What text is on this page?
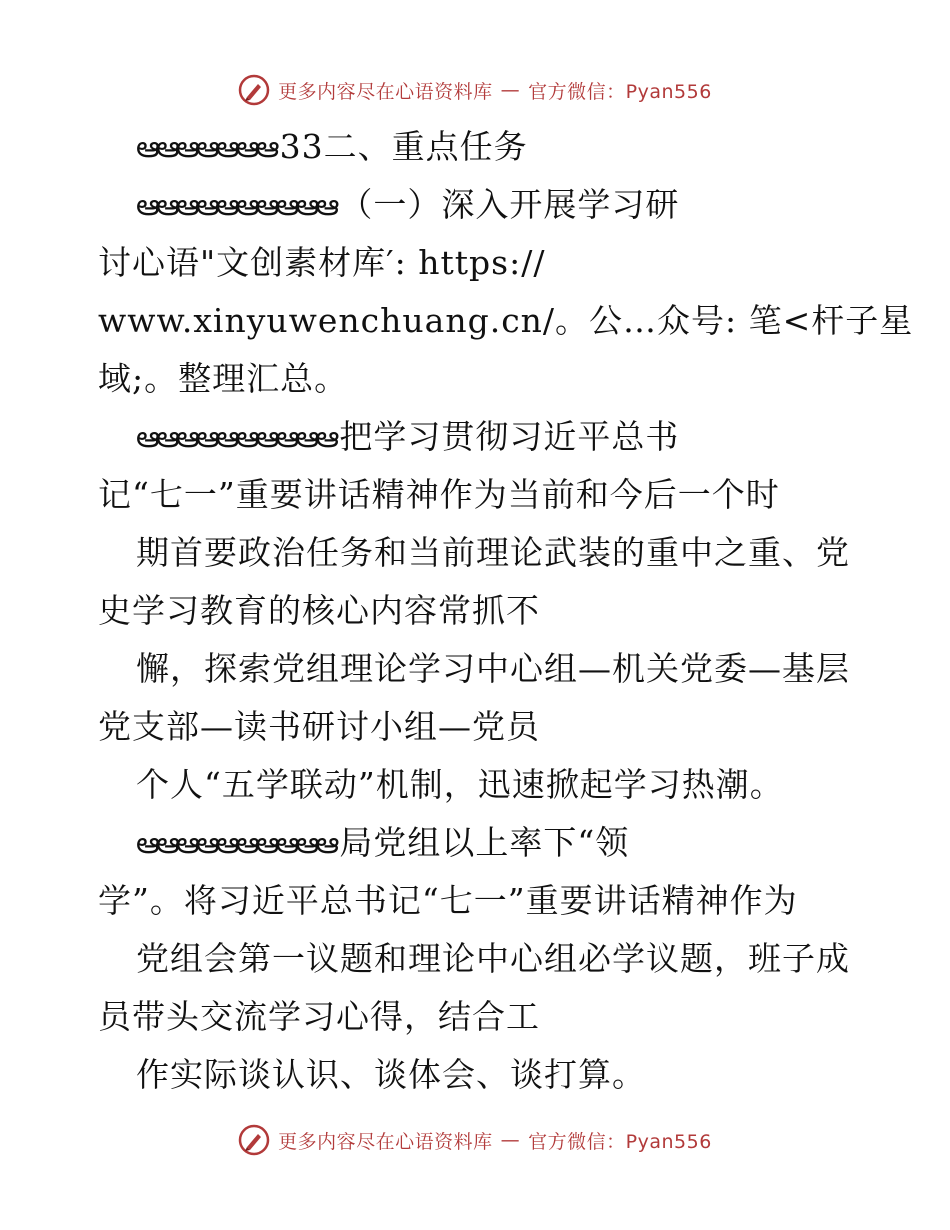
更多内容尽在心语资料库 — 官方微信：Pyan556
ఆఆఆఆఆఆఆ 33二、重点任务
ఆఆఆఆఆఆఆఆఆఆ （一）深入开展学习研
讨心语"文创素材库′: https://
www.xinyuwenchuang.cn/。公…众号: 笔<杆子星
域;。整理汇总。
ఆఆఆఆఆఆఆఆఆఆ 把学习贯彻习近平总书
记“七一”重要讲话精神作为当前和今后一个时
期首要政治任务和当前理论武装的重中之重、党
史学习教育的核心内容常抓不
懈，探索党组理论学习中心组—机关党委—基层
党支部—读书研讨小组—党员
个人“五学联动”机制，迅速掀起学习热潮。
ఆఆఆఆఆఆఆఆఆఆ 局党组以上率下“领
学”。将习近平总书记“七一”重要讲话精神作为
党组会第一议题和理论中心组必学议题，班子成
员带头交流学习心得，结合工
作实际谈认识、谈体会、谈打算。
更多内容尽在心语资料库 — 官方微信：Pyan556
